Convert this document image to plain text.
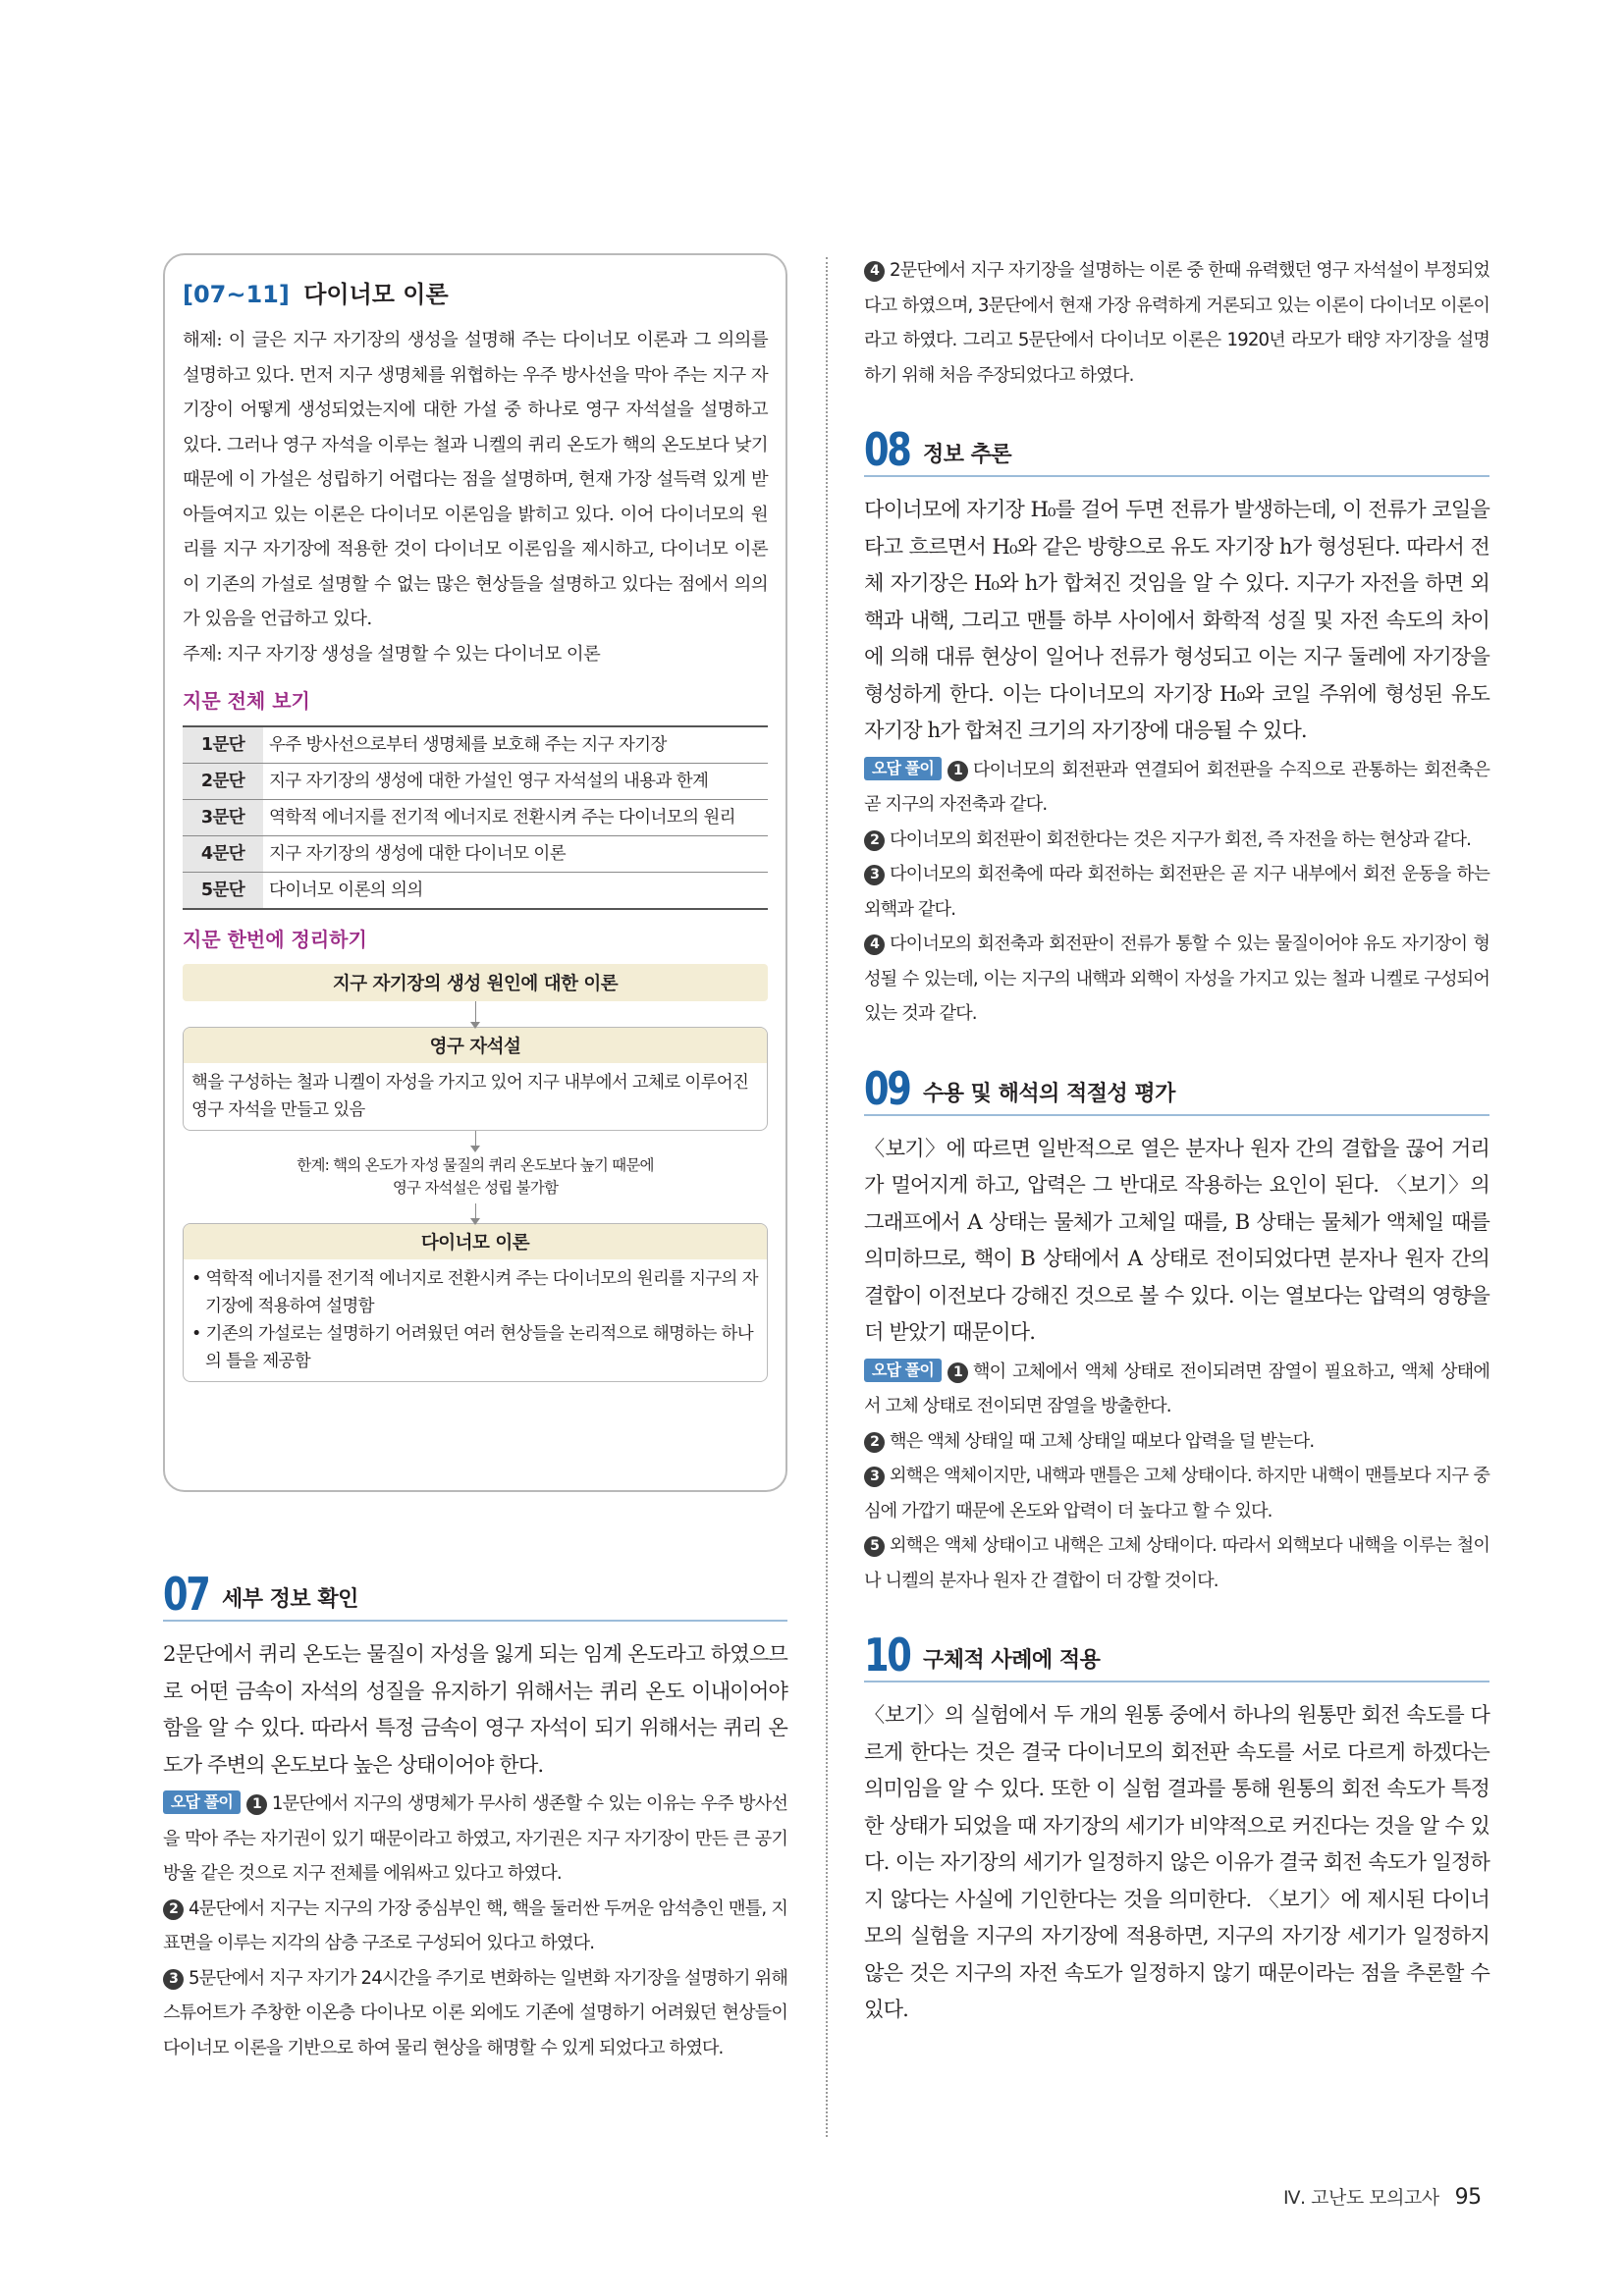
[07~11] 다이너모 이론

해제: 이 글은 지구 자기장의 생성을 설명해 주는 다이너모 이론과 그 의의를 설명하고 있다. 먼저 지구 생명체를 위협하는 우주 방사선을 막아 주는 지구 자기장이 어떻게 생성되었는지에 대한 가설 중 하나로 영구 자석설을 설명하고 있다. 그러나 영구 자석을 이루는 철과 니켈의 퀴리 온도가 핵의 온도보다 낮기 때문에 이 가설은 성립하기 어렵다는 점을 설명하며, 현재 가장 설득력 있게 받아들여지고 있는 이론은 다이너모 이론임을 밝히고 있다. 이어 다이너모의 원리를 지구 자기장에 적용한 것이 다이너모 이론임을 제시하고, 다이너모 이론이 기존의 가설로 설명할 수 없는 많은 현상들을 설명하고 있다는 점에서 의의가 있음을 언급하고 있다.

주제: 지구 자기장 생성을 설명할 수 있는 다이너모 이론

지문 전체 보기
1문단	우주 방사선으로부터 생명체를 보호해 주는 지구 자기장
2문단	지구 자기장의 생성에 대한 가설인 영구 자석설의 내용과 한계
3문단	역학적 에너지를 전기적 에너지로 전환시켜 주는 다이너모의 원리
4문단	지구 자기장의 생성에 대한 다이너모 이론
5문단	다이너모 이론의 의의
지문 한번에 정리하기
지구 자기장의 생성 원인에 대한 이론
영구 자석설
핵을 구성하는 철과 니켈이 자성을 가지고 있어 지구 내부에서 고체로 이루어진 영구 자석을 만들고 있음
한계: 핵의 온도가 자성 물질의 퀴리 온도보다 높기 때문에
영구 자석설은 성립 불가함
다이너모 이론
• 역학적 에너지를 전기적 에너지로 전환시켜 주는 다이너모의 원리를 지구의 자기장에 적용하여 설명함
• 기존의 가설로는 설명하기 어려웠던 여러 현상들을 논리적으로 해명하는 하나의 틀을 제공함
07 세부 정보 확인

2문단에서 퀴리 온도는 물질이 자성을 잃게 되는 임계 온도라고 하였으므로 어떤 금속이 자석의 성질을 유지하기 위해서는 퀴리 온도 이내이어야 함을 알 수 있다. 따라서 특정 금속이 영구 자석이 되기 위해서는 퀴리 온도가 주변의 온도보다 높은 상태이어야 한다.

오답 풀이 1 1문단에서 지구의 생명체가 무사히 생존할 수 있는 이유는 우주 방사선을 막아 주는 자기권이 있기 때문이라고 하였고, 자기권은 지구 자기장이 만든 큰 공기 방울 같은 것으로 지구 전체를 에워싸고 있다고 하였다.

2 4문단에서 지구는 지구의 가장 중심부인 핵, 핵을 둘러싼 두꺼운 암석층인 맨틀, 지표면을 이루는 지각의 삼층 구조로 구성되어 있다고 하였다.

3 5문단에서 지구 자기가 24시간을 주기로 변화하는 일변화 자기장을 설명하기 위해 스튜어트가 주창한 이온층 다이나모 이론 외에도 기존에 설명하기 어려웠던 현상들이 다이너모 이론을 기반으로 하여 물리 현상을 해명할 수 있게 되었다고 하였다.

4 2문단에서 지구 자기장을 설명하는 이론 중 한때 유력했던 영구 자석설이 부정되었다고 하였으며, 3문단에서 현재 가장 유력하게 거론되고 있는 이론이 다이너모 이론이라고 하였다. 그리고 5문단에서 다이너모 이론은 1920년 라모가 태양 자기장을 설명하기 위해 처음 주장되었다고 하였다.

08 정보 추론

다이너모에 자기장 H₀를 걸어 두면 전류가 발생하는데, 이 전류가 코일을 타고 흐르면서 H₀와 같은 방향으로 유도 자기장 h가 형성된다. 따라서 전체 자기장은 H₀와 h가 합쳐진 것임을 알 수 있다. 지구가 자전을 하면 외핵과 내핵, 그리고 맨틀 하부 사이에서 화학적 성질 및 자전 속도의 차이에 의해 대류 현상이 일어나 전류가 형성되고 이는 지구 둘레에 자기장을 형성하게 한다. 이는 다이너모의 자기장 H₀와 코일 주위에 형성된 유도 자기장 h가 합쳐진 크기의 자기장에 대응될 수 있다.

오답 풀이 1 다이너모의 회전판과 연결되어 회전판을 수직으로 관통하는 회전축은 곧 지구의 자전축과 같다.

2 다이너모의 회전판이 회전한다는 것은 지구가 회전, 즉 자전을 하는 현상과 같다.

3 다이너모의 회전축에 따라 회전하는 회전판은 곧 지구 내부에서 회전 운동을 하는 외핵과 같다.

4 다이너모의 회전축과 회전판이 전류가 통할 수 있는 물질이어야 유도 자기장이 형성될 수 있는데, 이는 지구의 내핵과 외핵이 자성을 가지고 있는 철과 니켈로 구성되어 있는 것과 같다.

09 수용 및 해석의 적절성 평가

〈보기〉에 따르면 일반적으로 열은 분자나 원자 간의 결합을 끊어 거리가 멀어지게 하고, 압력은 그 반대로 작용하는 요인이 된다. 〈보기〉의 그래프에서 A 상태는 물체가 고체일 때를, B 상태는 물체가 액체일 때를 의미하므로, 핵이 B 상태에서 A 상태로 전이되었다면 분자나 원자 간의 결합이 이전보다 강해진 것으로 볼 수 있다. 이는 열보다는 압력의 영향을 더 받았기 때문이다.

오답 풀이 1 핵이 고체에서 액체 상태로 전이되려면 잠열이 필요하고, 액체 상태에서 고체 상태로 전이되면 잠열을 방출한다.

2 핵은 액체 상태일 때 고체 상태일 때보다 압력을 덜 받는다.

3 외핵은 액체이지만, 내핵과 맨틀은 고체 상태이다. 하지만 내핵이 맨틀보다 지구 중심에 가깝기 때문에 온도와 압력이 더 높다고 할 수 있다.

5 외핵은 액체 상태이고 내핵은 고체 상태이다. 따라서 외핵보다 내핵을 이루는 철이나 니켈의 분자나 원자 간 결합이 더 강할 것이다.

10 구체적 사례에 적용

〈보기〉의 실험에서 두 개의 원통 중에서 하나의 원통만 회전 속도를 다르게 한다는 것은 결국 다이너모의 회전판 속도를 서로 다르게 하겠다는 의미임을 알 수 있다. 또한 이 실험 결과를 통해 원통의 회전 속도가 특정한 상태가 되었을 때 자기장의 세기가 비약적으로 커진다는 것을 알 수 있다. 이는 자기장의 세기가 일정하지 않은 이유가 결국 회전 속도가 일정하지 않다는 사실에 기인한다는 것을 의미한다. 〈보기〉에 제시된 다이너모의 실험을 지구의 자기장에 적용하면, 지구의 자기장 세기가 일정하지 않은 것은 지구의 자전 속도가 일정하지 않기 때문이라는 점을 추론할 수 있다.

Ⅳ. 고난도 모의고사 95
